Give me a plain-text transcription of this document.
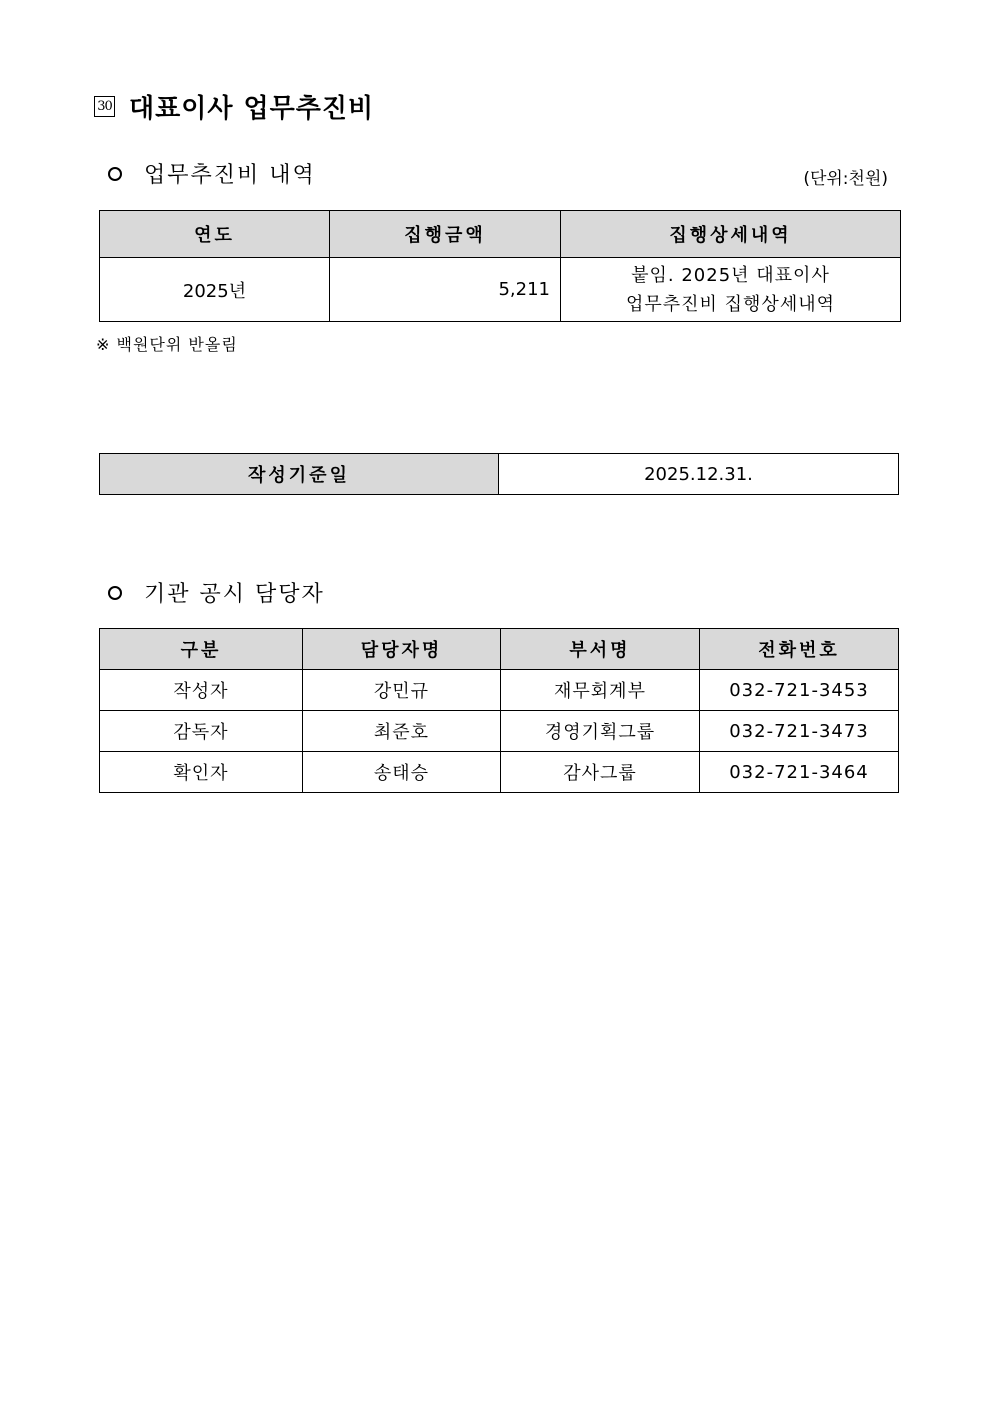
30 대표이사 업무추진비
업무추진비 내역	(단위:천원)
연도	집행금액	집행상세내역
2025년	5,211	붙임. 2025년 대표이사
업무추진비 집행상세내역
※ 백원단위 반올림
작성기준일	2025.12.31.
기관 공시 담당자
구분	담당자명	부서명	전화번호
작성자	강민규	재무회계부	032-721-3453
감독자	최준호	경영기획그룹	032-721-3473
확인자	송태승	감사그룹	032-721-3464
